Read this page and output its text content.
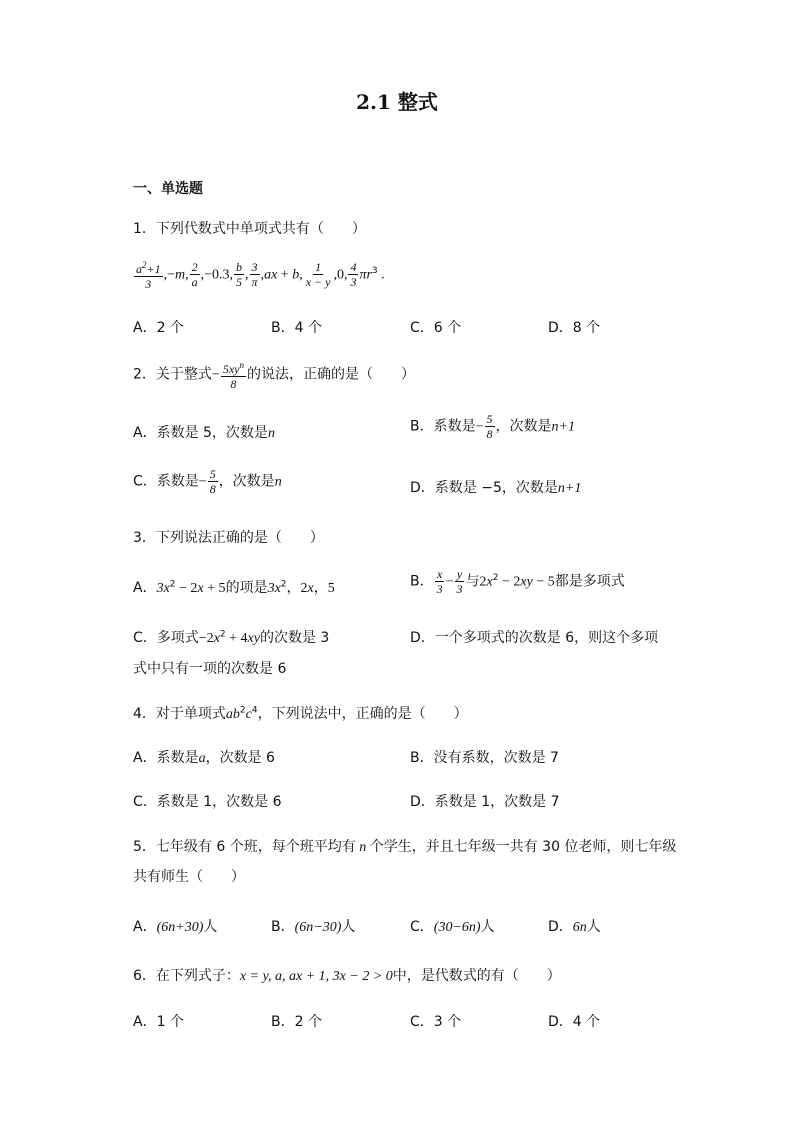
2.1 整式
一、单选题
1．下列代数式中单项式共有（　　）
$\frac{a^2+1}{3} ,-m$, $\frac{2}{a} ,-0.3$, $\frac{b}{5}$ , $\frac{3}{\pi} ,ax + b$, $\frac{1}{x - y} ,0$, $\frac{4}{3} \pi r^3$ .
A．2 个	B．4 个	C．6 个	D．8 个
2．关于整式− $\frac{5xy^n}{8}$ 的说法，正确的是（　　）
A．系数是 5，次数是n	B．系数是− $\frac{5}{8}$ ，次数是n+1
C．系数是− $\frac{5}{8}$ ，次数是n	D．系数是 −5，次数是n+1
3．下列说法正确的是（　　）
A．$3x^2 - 2x + 5$的项是$3x^2$，2x，5	B． $\frac{x}{3} - \frac{y}{3}$ 与$2x^2 - 2xy - 5$都是多项式
C．多项式$-2x^2 + 4xy$的次数是 3	D．一个多项式的次数是 6，则这个多项
式中只有一项的次数是 6
4．对于单项式$ab^2c^4$，下列说法中，正确的是（　　）
A．系数是a，次数是 6	B．没有系数，次数是 7
C．系数是 1，次数是 6	D．系数是 1，次数是 7
5．七年级有 6 个班，每个班平均有 n 个学生，并且七年级一共有 30 位老师，则七年级
共有师生（　　）
A．(6n+30)人	B．(6n−30)人	C．(30−6n)人	D．6n人
6．在下列式子：x = y, a, ax + 1, 3x − 2 > 0中，是代数式的有（　　）
A．1 个	B．2 个	C．3 个	D．4 个
